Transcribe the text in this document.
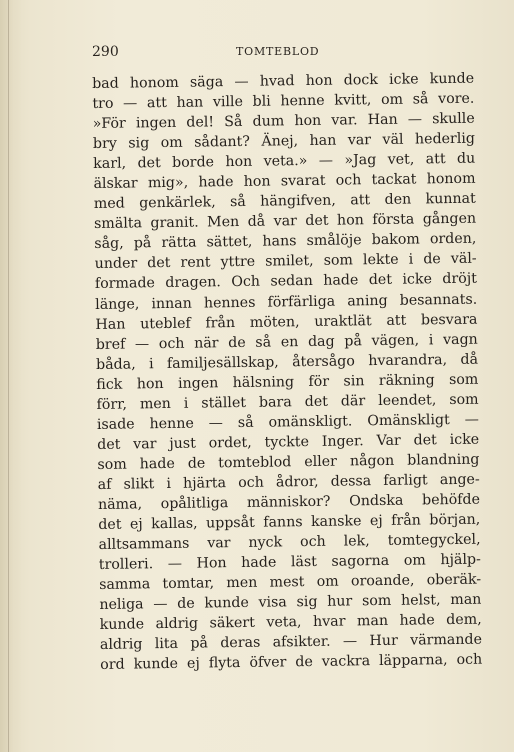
290	TOMTEBLOD
bad honom säga — hvad hon dock icke kunde
tro — att han ville bli henne kvitt, om så vore.
»För ingen del! Så dum hon var. Han — skulle
bry sig om sådant? Änej, han var väl hederlig
karl, det borde hon veta.» — »Jag vet, att du
älskar mig», hade hon svarat och tackat honom
med genkärlek, så hängifven, att den kunnat
smälta granit. Men då var det hon första gången
såg, på rätta sättet, hans smålöje bakom orden,
under det rent yttre smilet, som lekte i de väl-
formade dragen. Och sedan hade det icke dröjt
länge, innan hennes förfärliga aning besannats.
Han uteblef från möten, uraktlät att besvara
bref — och när de så en dag på vägen, i vagn
båda, i familjesällskap, återsågo hvarandra, då
fick hon ingen hälsning för sin räkning som
förr, men i stället bara det där leendet, som
isade henne — så omänskligt. Omänskligt —
det var just ordet, tyckte Inger. Var det icke
som hade de tomteblod eller någon blandning
af slikt i hjärta och ådror, dessa farligt ange-
näma, opålitliga människor? Ondska behöfde
det ej kallas, uppsåt fanns kanske ej från början,
alltsammans var nyck och lek, tomtegyckel,
trolleri. — Hon hade läst sagorna om hjälp-
samma tomtar, men mest om oroande, oberäk-
neliga — de kunde visa sig hur som helst, man
kunde aldrig säkert veta, hvar man hade dem,
aldrig lita på deras afsikter. — Hur värmande
ord kunde ej flyta öfver de vackra läpparna, och
